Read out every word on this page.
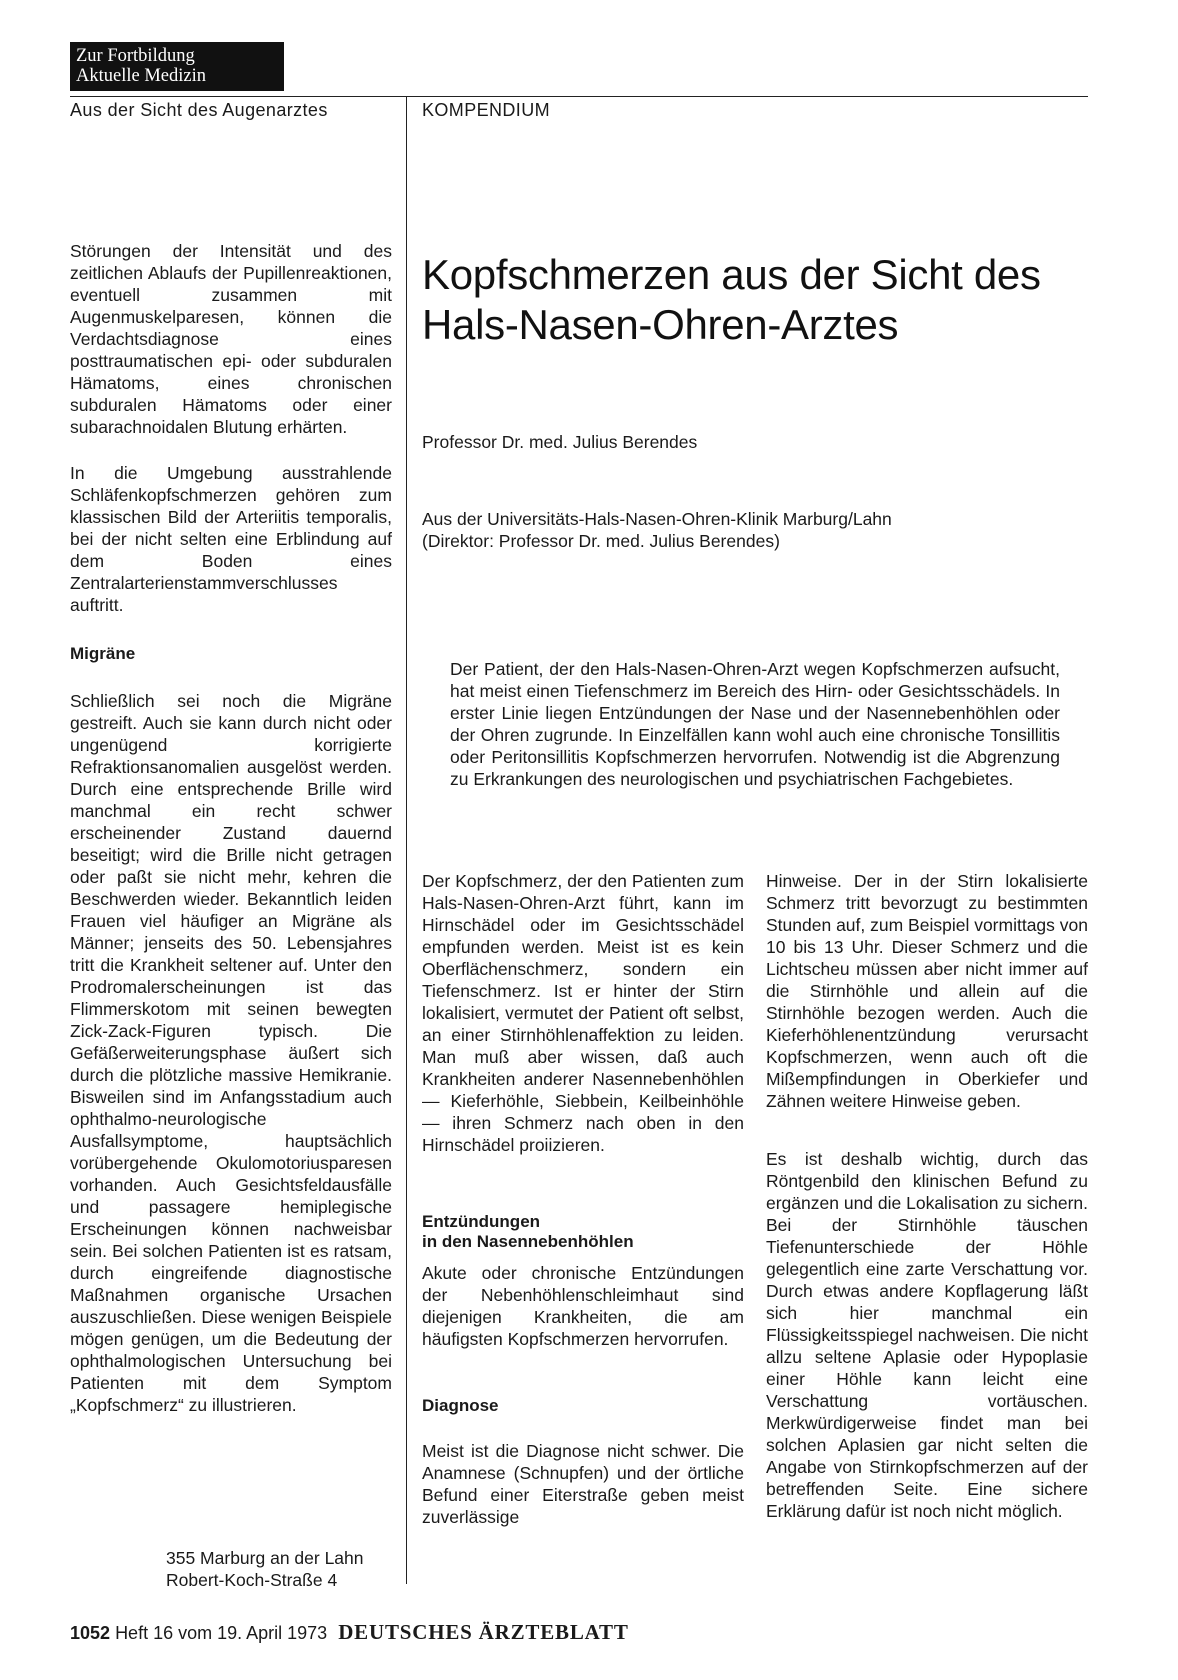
Zur Fortbildung
Aktuelle Medizin
Aus der Sicht des Augenarztes	KOMPENDIUM

Störungen der Intensität und des zeitlichen Ablaufs der Pupillenreaktionen, eventuell zusammen mit Augenmuskelparesen, können die Verdachtsdiagnose eines posttraumatischen epi- oder subduralen Hämatoms, eines chronischen subduralen Hämatoms oder einer subarachnoidalen Blutung erhärten.

In die Umgebung ausstrahlende Schläfenkopfschmerzen gehören zum klassischen Bild der Arteriitis temporalis, bei der nicht selten eine Erblindung auf dem Boden eines Zentralarterienstammverschlusses auftritt.

Migräne

Schließlich sei noch die Migräne gestreift. Auch sie kann durch nicht oder ungenügend korrigierte Refraktionsanomalien ausgelöst werden. Durch eine entsprechende Brille wird manchmal ein recht schwer erscheinender Zustand dauernd beseitigt; wird die Brille nicht getragen oder paßt sie nicht mehr, kehren die Beschwerden wieder. Bekanntlich leiden Frauen viel häufiger an Migräne als Männer; jenseits des 50. Lebensjahres tritt die Krankheit seltener auf. Unter den Prodromalerscheinungen ist das Flimmerskotom mit seinen bewegten Zick-Zack-Figuren typisch. Die Gefäßerweiterungsphase äußert sich durch die plötzliche massive Hemikranie. Bisweilen sind im Anfangsstadium auch ophthalmo-neurologische Ausfallsymptome, hauptsächlich vorübergehende Okulomotoriusparesen vorhanden. Auch Gesichtsfeldausfälle und passagere hemiplegische Erscheinungen können nachweisbar sein. Bei solchen Patienten ist es ratsam, durch eingreifende diagnostische Maßnahmen organische Ursachen auszuschließen. Diese wenigen Beispiele mögen genügen, um die Bedeutung der ophthalmologischen Untersuchung bei Patienten mit dem Symptom „Kopfschmerz“ zu illustrieren.

355 Marburg an der Lahn
Robert-Koch-Straße 4
Kopfschmerzen aus der Sicht des Hals-Nasen-Ohren-Arztes
Professor Dr. med. Julius Berendes
Aus der Universitäts-Hals-Nasen-Ohren-Klinik Marburg/Lahn
(Direktor: Professor Dr. med. Julius Berendes)

Der Patient, der den Hals-Nasen-Ohren-Arzt wegen Kopfschmerzen aufsucht, hat meist einen Tiefenschmerz im Bereich des Hirn- oder Gesichtsschädels. In erster Linie liegen Entzündungen der Nase und der Nasennebenhöhlen oder der Ohren zugrunde. In Einzelfällen kann wohl auch eine chronische Tonsillitis oder Peritonsillitis Kopfschmerzen hervorrufen. Notwendig ist die Abgrenzung zu Erkrankungen des neurologischen und psychiatrischen Fachgebietes.

Der Kopfschmerz, der den Patienten zum Hals-Nasen-Ohren-Arzt führt, kann im Hirnschädel oder im Gesichtsschädel empfunden werden. Meist ist es kein Oberflächenschmerz, sondern ein Tiefenschmerz. Ist er hinter der Stirn lokalisiert, vermutet der Patient oft selbst, an einer Stirnhöhlenaffektion zu leiden. Man muß aber wissen, daß auch Krankheiten anderer Nasennebenhöhlen — Kieferhöhle, Siebbein, Keilbeinhöhle — ihren Schmerz nach oben in den Hirnschädel proiizieren.

Entzündungen
in den Nasennebenhöhlen

Akute oder chronische Entzündungen der Nebenhöhlenschleimhaut sind diejenigen Krankheiten, die am häufigsten Kopfschmerzen hervorrufen.

Diagnose

Meist ist die Diagnose nicht schwer. Die Anamnese (Schnupfen) und der örtliche Befund einer Eiterstraße geben meist zuverlässige

Hinweise. Der in der Stirn lokalisierte Schmerz tritt bevorzugt zu bestimmten Stunden auf, zum Beispiel vormittags von 10 bis 13 Uhr. Dieser Schmerz und die Lichtscheu müssen aber nicht immer auf die Stirnhöhle und allein auf die Stirnhöhle bezogen werden. Auch die Kieferhöhlenentzündung verursacht Kopfschmerzen, wenn auch oft die Mißempfindungen in Oberkiefer und Zähnen weitere Hinweise geben.

Es ist deshalb wichtig, durch das Röntgenbild den klinischen Befund zu ergänzen und die Lokalisation zu sichern. Bei der Stirnhöhle täuschen Tiefenunterschiede der Höhle gelegentlich eine zarte Verschattung vor. Durch etwas andere Kopflagerung läßt sich hier manchmal ein Flüssigkeitsspiegel nachweisen. Die nicht allzu seltene Aplasie oder Hypoplasie einer Höhle kann leicht eine Verschattung vortäuschen. Merkwürdigerweise findet man bei solchen Aplasien gar nicht selten die Angabe von Stirnkopfschmerzen auf der betreffenden Seite. Eine sichere Erklärung dafür ist noch nicht möglich.

1052 Heft 16 vom 19. April 1973 DEUTSCHES ÄRZTEBLATT
